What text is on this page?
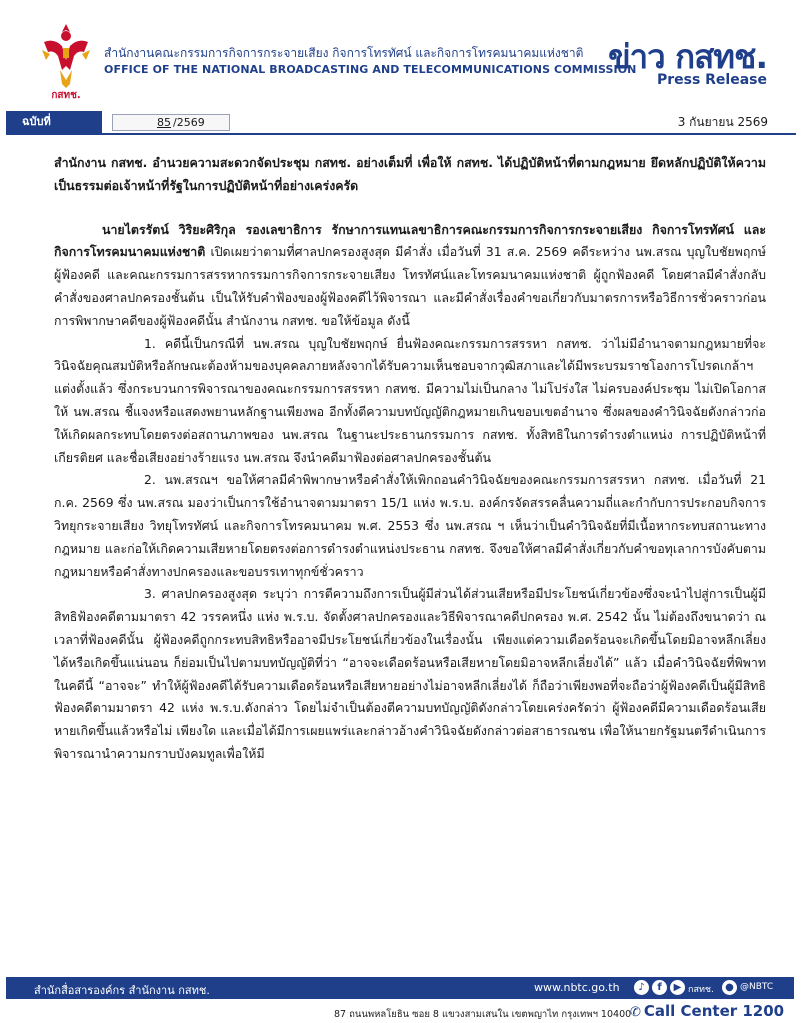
กสทช.
สำนักงานคณะกรรมการกิจการกระจายเสียง กิจการโทรทัศน์ และกิจการโทรคมนาคมแห่งชาติ
OFFICE OF THE NATIONAL BROADCASTING AND TELECOMMUNICATIONS COMMISSION
ข่าว กสทช.
Press Release
ฉบับที่	85 /2569	3 กันยายน 2569

สำนักงาน กสทช. อำนวยความสะดวกจัดประชุม กสทช. อย่างเต็มที่ เพื่อให้ กสทช. ได้ปฏิบัติหน้าที่ตามกฎหมาย ยึดหลักปฏิบัติให้ความเป็นธรรมต่อเจ้าหน้าที่รัฐในการปฏิบัติหน้าที่อย่างเคร่งครัด

นายไตรรัตน์ วิริยะศิริกุล รองเลขาธิการ รักษาการแทนเลขาธิการคณะกรรมการกิจการกระจายเสียง กิจการโทรทัศน์ และกิจการโทรคมนาคมแห่งชาติ เปิดเผยว่าตามที่ศาลปกครองสูงสุด มีคำสั่ง เมื่อวันที่ 31 ส.ค. 2569 คดีระหว่าง นพ.สรณ บุญใบชัยพฤกษ์ ผู้ฟ้องคดี และคณะกรรมการสรรหากรรมการกิจการกระจายเสียง โทรทัศน์และโทรคมนาคมแห่งชาติ ผู้ถูกฟ้องคดี โดยศาลมีคำสั่งกลับคำสั่งของศาลปกครองชั้นต้น เป็นให้รับคำฟ้องของผู้ฟ้องคดีไว้พิจารณา และมีคำสั่งเรื่องคำขอเกี่ยวกับมาตรการหรือวิธีการชั่วคราวก่อนการพิพากษาคดีของผู้ฟ้องคดีนั้น สำนักงาน กสทช. ขอให้ข้อมูล ดังนี้

1. คดีนี้เป็นกรณีที่ นพ.สรณ บุญใบชัยพฤกษ์ ยื่นฟ้องคณะกรรมการสรรหา กสทช. ว่าไม่มีอำนาจตามกฎหมายที่จะวินิจฉัยคุณสมบัติหรือลักษณะต้องห้ามของบุคคลภายหลังจากได้รับความเห็นชอบจากวุฒิสภาและได้มีพระบรมราชโองการโปรดเกล้าฯ แต่งตั้งแล้ว ซึ่งกระบวนการพิจารณาของคณะกรรมการสรรหา กสทช. มีความไม่เป็นกลาง ไม่โปร่งใส ไม่ครบองค์ประชุม ไม่เปิดโอกาสให้ นพ.สรณ ชี้แจงหรือแสดงพยานหลักฐานเพียงพอ อีกทั้งตีความบทบัญญัติกฎหมายเกินขอบเขตอำนาจ ซึ่งผลของคำวินิจฉัยดังกล่าวก่อให้เกิดผลกระทบโดยตรงต่อสถานภาพของ นพ.สรณ ในฐานะประธานกรรมการ กสทช. ทั้งสิทธิในการดำรงตำแหน่ง การปฏิบัติหน้าที่ เกียรติยศ และชื่อเสียงอย่างร้ายแรง นพ.สรณ จึงนำคดีมาฟ้องต่อศาลปกครองชั้นต้น

2. นพ.สรณฯ ขอให้ศาลมีคำพิพากษาหรือคำสั่งให้เพิกถอนคำวินิจฉัยของคณะกรรมการสรรหา กสทช. เมื่อวันที่ 21 ก.ค. 2569 ซึ่ง นพ.สรณ มองว่าเป็นการใช้อำนาจตามมาตรา 15/1 แห่ง พ.ร.บ. องค์กรจัดสรรคลื่นความถี่และกำกับการประกอบกิจการวิทยุกระจายเสียง วิทยุโทรทัศน์ และกิจการโทรคมนาคม พ.ศ. 2553 ซึ่ง นพ.สรณ ฯ เห็นว่าเป็นคำวินิจฉัยที่มีเนื้อหากระทบสถานะทางกฎหมาย และก่อให้เกิดความเสียหายโดยตรงต่อการดำรงตำแหน่งประธาน กสทช. จึงขอให้ศาลมีคำสั่งเกี่ยวกับคำขอทุเลาการบังคับตามกฎหมายหรือคำสั่งทางปกครองและขอบรรเทาทุกข์ชั่วคราว

3. ศาลปกครองสูงสุด ระบุว่า การตีความถึงการเป็นผู้มีส่วนได้ส่วนเสียหรือมีประโยชน์เกี่ยวข้องซึ่งจะนำไปสู่การเป็นผู้มีสิทธิฟ้องคดีตามมาตรา 42 วรรคหนึ่ง แห่ง พ.ร.บ. จัดตั้งศาลปกครองและวิธีพิจารณาคดีปกครอง พ.ศ. 2542 นั้น ไม่ต้องถึงขนาดว่า ณ เวลาที่ฟ้องคดีนั้น ผู้ฟ้องคดีถูกกระทบสิทธิหรืออาจมีประโยชน์เกี่ยวข้องในเรื่องนั้น เพียงแต่ความเดือดร้อนจะเกิดขึ้นโดยมิอาจหลีกเลี่ยงได้หรือเกิดขึ้นแน่นอน ก็ย่อมเป็นไปตามบทบัญญัติที่ว่า “อาจจะเดือดร้อนหรือเสียหายโดยมิอาจหลีกเลี่ยงได้” แล้ว เมื่อคำวินิจฉัยที่พิพาทในคดีนี้ “อาจจะ” ทำให้ผู้ฟ้องคดีได้รับความเดือดร้อนหรือเสียหายอย่างไม่อาจหลีกเลี่ยงได้ ก็ถือว่าเพียงพอที่จะถือว่าผู้ฟ้องคดีเป็นผู้มีสิทธิฟ้องคดีตามมาตรา 42 แห่ง พ.ร.บ.ดังกล่าว โดยไม่จำเป็นต้องตีความบทบัญญัติดังกล่าวโดยเคร่งครัดว่า ผู้ฟ้องคดีมีความเดือดร้อนเสียหายเกิดขึ้นแล้วหรือไม่ เพียงใด และเมื่อได้มีการเผยแพร่และกล่าวอ้างคำวินิจฉัยดังกล่าวต่อสาธารณชน เพื่อให้นายกรัฐมนตรีดำเนินการพิจารณานำความกราบบังคมทูลเพื่อให้มี

สำนักสื่อสารองค์กร สำนักงาน กสทช.	www.nbtc.go.th	♪	f	▶ กสทช.	● @NBTC
87 ถนนพหลโยธิน ซอย 8 แขวงสามเสนใน เขตพญาไท กรุงเทพฯ 10400
✆ Call Center 1200
